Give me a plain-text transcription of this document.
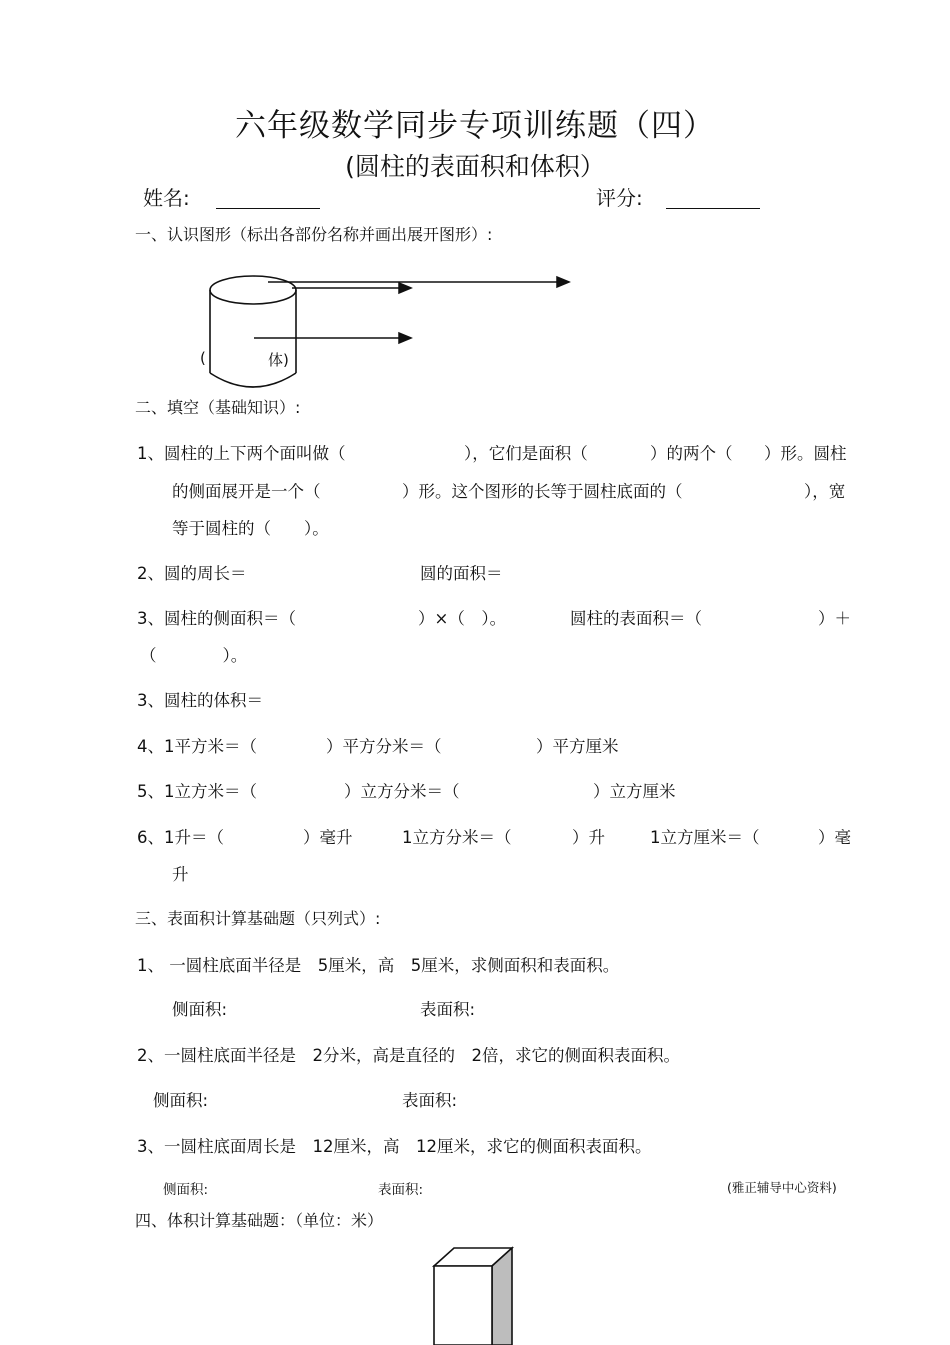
六年级数学同步专项训练题（四）
(圆柱的表面积和体积）
姓名:	评分:
一、认识图形（标出各部份名称并画出展开图形）:
(	体)
二、填空（基础知识）:
1、圆柱的上下两个面叫做（	），它们是面积（	）的两个（ ）形。圆柱
的侧面展开是一个（	）形。这个图形的长等于圆柱底面的（	），宽
等于圆柱的（　　）。
2、圆的周长＝	圆的面积＝
3、圆柱的侧面积＝（	）×（　）。	圆柱的表面积＝（	）＋
（　　　　）。
3、圆柱的体积＝
4、1平方米＝（	）平方分米＝（	）平方厘米
5、1立方米＝（	）立方分米＝（	）立方厘米
6、1升＝（	）毫升	1立方分米＝（	）升	1立方厘米＝（	）毫
升
三、表面积计算基础题（只列式）:
1、 一圆柱底面半径是　5厘米，高　5厘米，求侧面积和表面积。
侧面积:	表面积:
2、一圆柱底面半径是　2分米，高是直径的　2倍，求它的侧面积表面积。
侧面积:	表面积:
3、一圆柱底面周长是　12厘米，高　12厘米，求它的侧面积表面积。
侧面积:	表面积:	(雅正辅导中心资料)
四、体积计算基础题：（单位：米）
